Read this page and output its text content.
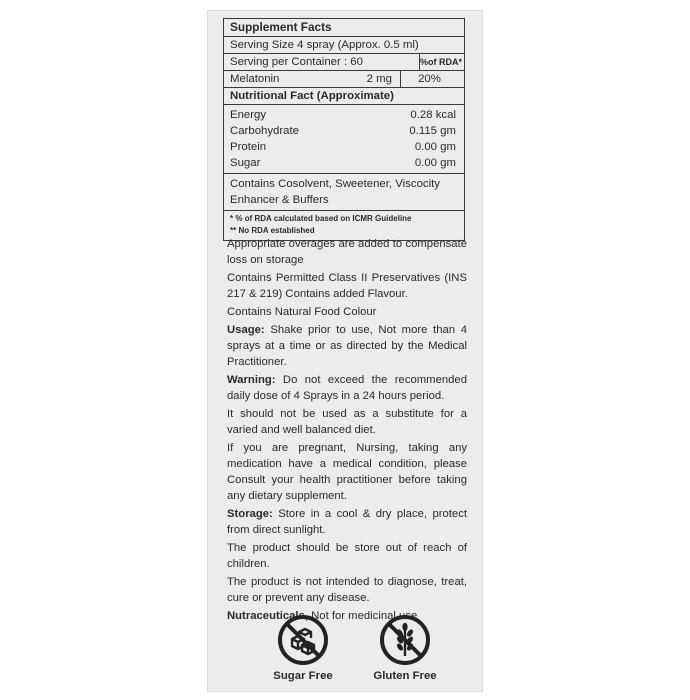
Supplement Facts
Serving Size 4 spray (Approx. 0.5 ml)
Serving per Container : 60	%of RDA*
Melatonin	2 mg	20%
Nutritional Fact (Approximate)
Energy	0.28 kcal
Carbohydrate	0.115 gm
Protein	0.00 gm
Sugar	0.00 gm
Contains Cosolvent, Sweetener, Viscocity Enhancer & Buffers
* % of RDA calculated based on ICMR Guideline
** No RDA established

Appropriate overages are added to compensate loss on storage

Contains Permitted Class II Preservatives (INS 217 & 219) Contains added Flavour.

Contains Natural Food Colour

Usage: Shake prior to use, Not more than 4 sprays at a time or as directed by the Medical Practitioner.

Warning: Do not exceed the recommended daily dose of 4 Sprays in a 24 hours period.

It should not be used as a substitute for a varied and well balanced diet.

If you are pregnant, Nursing, taking any medication have a medical condition, please Consult your health practitioner before taking any dietary supplement.

Storage: Store in a cool & dry place, protect from direct sunlight.

The product should be store out of reach of children.

The product is not intended to diagnose, treat, cure or prevent any disease.

Nutraceuticals, Not for medicinal use

Sugar Free	Gluten Free
